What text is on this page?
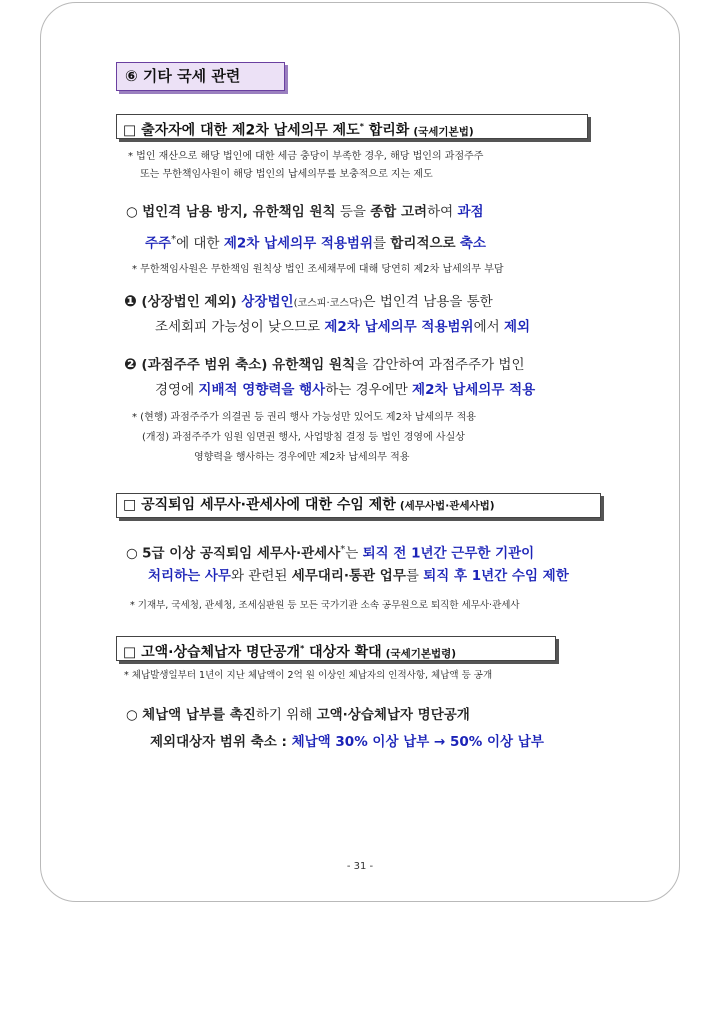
⑥ 기타 국세 관련
□ 출자자에 대한 제2차 납세의무 제도* 합리화 (국세기본법)
* 법인 재산으로 해당 법인에 대한 세금 충당이 부족한 경우, 해당 법인의 과점주주
또는 무한책임사원이 해당 법인의 납세의무를 보충적으로 지는 제도
○ 법인격 남용 방지, 유한책임 원칙 등을 종합 고려하여 과점
주주*에 대한 제2차 납세의무 적용범위를 합리적으로 축소
* 무한책임사원은 무한책임 원칙상 법인 조세채무에 대해 당연히 제2차 납세의무 부담
❶ (상장법인 제외) 상장법인(코스피·코스닥)은 법인격 남용을 통한
조세회피 가능성이 낮으므로 제2차 납세의무 적용범위에서 제외
❷ (과점주주 범위 축소) 유한책임 원칙을 감안하여 과점주주가 법인
경영에 지배적 영향력을 행사하는 경우에만 제2차 납세의무 적용
* (현행) 과점주주가 의결권 등 권리 행사 가능성만 있어도 제2차 납세의무 적용
(개정) 과점주주가 임원 임면권 행사, 사업방침 결정 등 법인 경영에 사실상
영향력을 행사하는 경우에만 제2차 납세의무 적용
□ 공직퇴임 세무사·관세사에 대한 수임 제한 (세무사법·관세사법)
○ 5급 이상 공직퇴임 세무사·관세사*는 퇴직 전 1년간 근무한 기관이
처리하는 사무와 관련된 세무대리·통관 업무를 퇴직 후 1년간 수임 제한
* 기재부, 국세청, 관세청, 조세심판원 등 모든 국가기관 소속 공무원으로 퇴직한 세무사·관세사
□ 고액·상습체납자 명단공개* 대상자 확대 (국세기본법령)
* 체납발생일부터 1년이 지난 체납액이 2억 원 이상인 체납자의 인적사항, 체납액 등 공개
○ 체납액 납부를 촉진하기 위해 고액·상습체납자 명단공개
제외대상자 범위 축소 : 체납액 30% 이상 납부 → 50% 이상 납부
- 31 -
